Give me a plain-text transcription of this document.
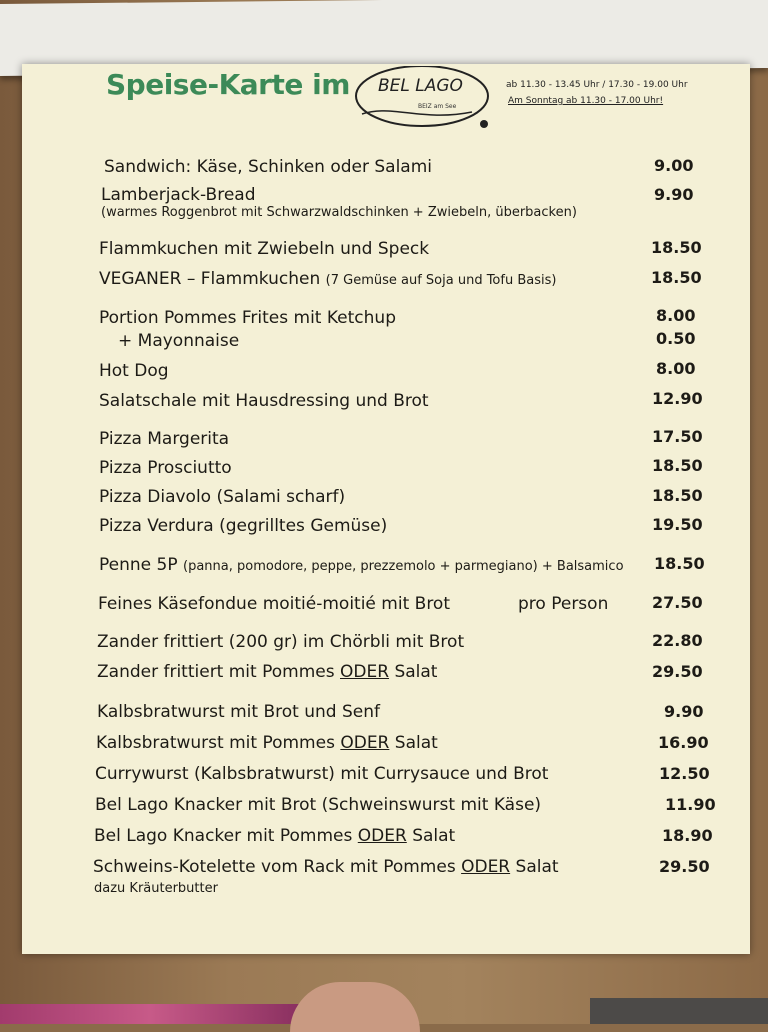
Speise-Karte im BEL LAGO
BEIZ am See
ab 11.30 - 13.45 Uhr / 17.30 - 19.00 Uhr
Am Sonntag ab 11.30 - 17.00 Uhr!
Sandwich: Käse, Schinken oder Salami	9.00
Lamberjack-Bread	9.90
(warmes Roggenbrot mit Schwarzwaldschinken + Zwiebeln, überbacken)
Flammkuchen mit Zwiebeln und Speck	18.50
VEGANER – Flammkuchen (7 Gemüse auf Soja und Tofu Basis)	18.50
Portion Pommes Frites mit Ketchup	8.00
+ Mayonnaise	0.50
Hot Dog	8.00
Salatschale mit Hausdressing und Brot	12.90
Pizza Margerita	17.50
Pizza Prosciutto	18.50
Pizza Diavolo (Salami scharf)	18.50
Pizza Verdura (gegrilltes Gemüse)	19.50
Penne 5P (panna, pomodore, peppe, prezzemolo + parmegiano) + Balsamico 18.50
Feines Käsefondue moitié-moitié mit Brot	pro Person	27.50
Zander frittiert (200 gr) im Chörbli mit Brot	22.80
Zander frittiert mit Pommes ODER Salat	29.50
Kalbsbratwurst mit Brot und Senf	9.90
Kalbsbratwurst mit Pommes ODER Salat	16.90
Currywurst (Kalbsbratwurst) mit Currysauce und Brot	12.50
Bel Lago Knacker mit Brot (Schweinswurst mit Käse)	11.90
Bel Lago Knacker mit Pommes ODER Salat	18.90
Schweins-Kotelette vom Rack mit Pommes ODER Salat	29.50
dazu Kräuterbutter
